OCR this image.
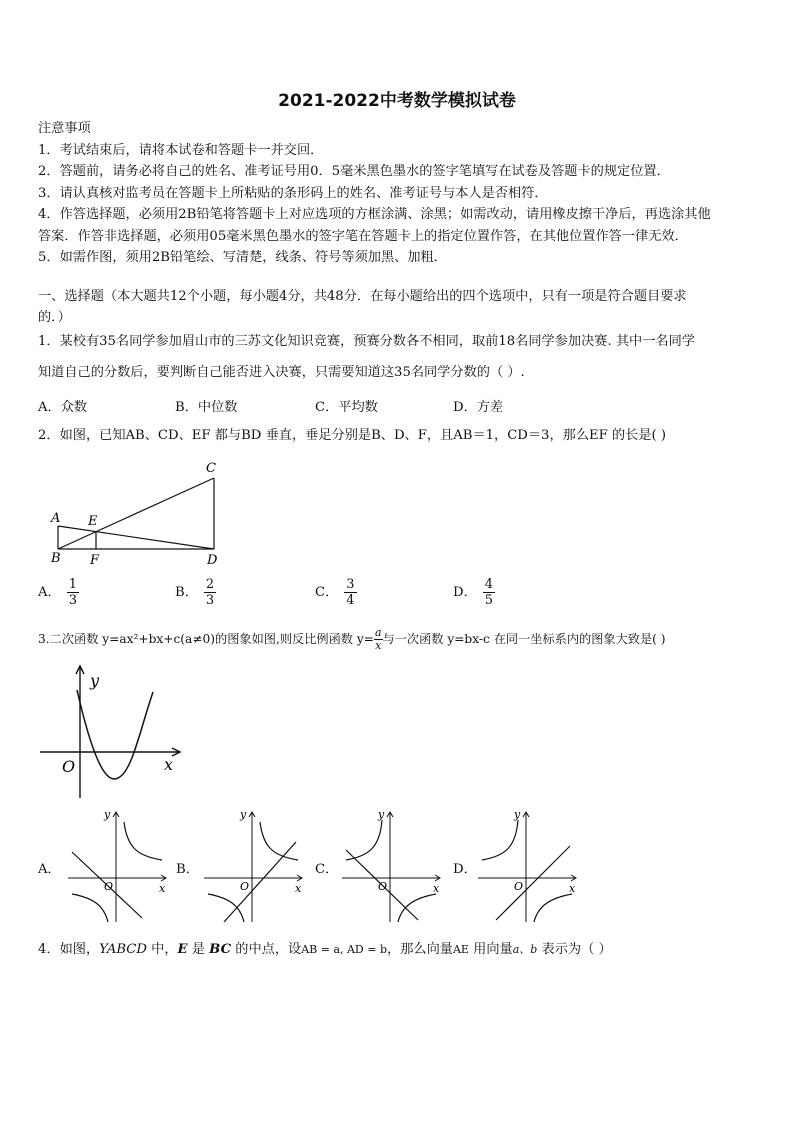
2021-2022中考数学模拟试卷
注意事项
1．考试结束后，请将本试卷和答题卡一并交回．
2．答题前，请务必将自己的姓名、准考证号用0．5毫米黑色墨水的签字笔填写在试卷及答题卡的规定位置．
3．请认真核对监考员在答题卡上所粘贴的条形码上的姓名、准考证号与本人是否相符．
4．作答选择题，必须用2B铅笔将答题卡上对应选项的方框涂满、涂黑；如需改动，请用橡皮擦干净后，再选涂其他
答案．作答非选择题，必须用05毫米黑色墨水的签字笔在答题卡上的指定位置作答，在其他位置作答一律无效．
5．如需作图，须用2B铅笔绘、写清楚，线条、符号等须加黑、加粗．
一、选择题（本大题共12个小题，每小题4分，共48分．在每小题给出的四个选项中，只有一项是符合题目要求
的．）
1．某校有35名同学参加眉山市的三苏文化知识竞赛，预赛分数各不相同，取前18名同学参加决赛. 其中一名同学
知道自己的分数后，要判断自己能否进入决赛，只需要知道这35名同学分数的（ ）.
A．众数	B．中位数	C．平均数	D．方差
2．如图，已知AB、CD、EF 都与BD 垂直，垂足分别是B、D、F，且AB＝1，CD＝3，那么EF 的长是( )
A
B
C
D
E
F
A． $\frac{1}{3}$	B． $\frac{2}{3}$	C． $\frac{3}{4}$	D． $\frac{4}{5}$
3.二次函数 y=ax²+bx+c(a≠0)的图象如图,则反比例函数 $y= \frac{a}{x}$ 与一次函数 y=bx-c 在同一坐标系内的图象大致是( )
y
x
O
A．
y
x
O
B．
y
x
O
C．
y
x
O
D．
y
x
O
4．如图，YABCD 中，E 是 BC 的中点，设AB = a, AD = b，那么向量AE 用向量a、b 表示为（ ）
